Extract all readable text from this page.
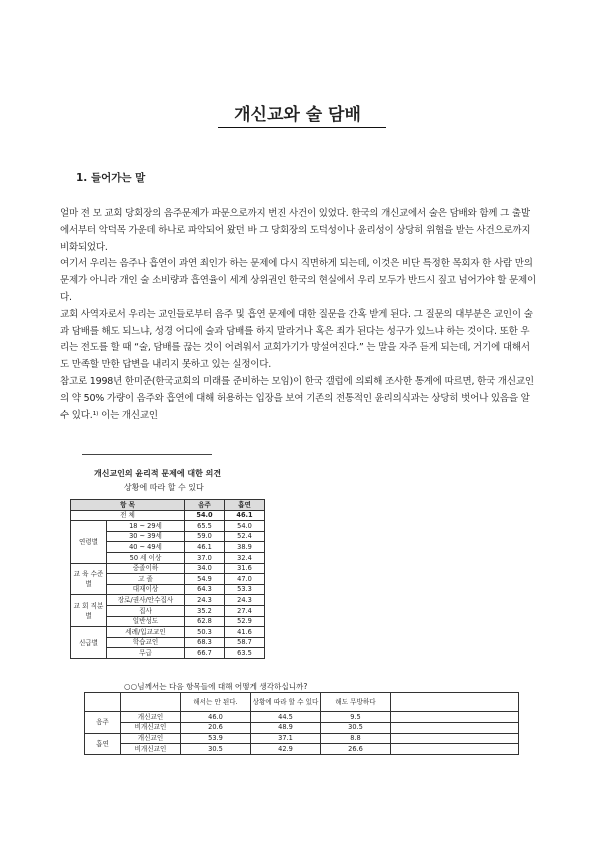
개신교와 술 담배
1. 들어가는 말

얼마 전 모 교회 당회장의 음주문제가 파문으로까지 번진 사건이 있었다. 한국의 개신교에서 술은 담배와 함께 그 출발에서부터 악덕목 가운데 하나로 파악되어 왔던 바 그 당회장의 도덕성이나 윤리성이 상당히 위협을 받는 사건으로까지 비화되었다.

여기서 우리는 음주나 흡연이 과연 죄인가 하는 문제에 다시 직면하게 되는데, 이것은 비단 특정한 목회자 한 사람 만의 문제가 아니라 개인 술 소비량과 흡연율이 세계 상위권인 한국의 현실에서 우리 모두가 반드시 짚고 넘어가야 할 문제이다.

교회 사역자로서 우리는 교인들로부터 음주 및 흡연 문제에 대한 질문을 간혹 받게 된다. 그 질문의 대부분은 교인이 술과 담배를 해도 되느냐, 성경 어디에 술과 담배를 하지 말라거나 혹은 죄가 된다는 성구가 있느냐 하는 것이다. 또한 우리는 전도를 할 때 “술, 담배를 끊는 것이 어려워서 교회가기가 망설여진다.” 는 말을 자주 듣게 되는데, 거기에 대해서도 만족할 만한 답변을 내리지 못하고 있는 실정이다.

참고로 1998년 한미준(한국교회의 미래를 준비하는 모임)이 한국 갤럽에 의뢰해 조사한 통계에 따르면, 한국 개신교인의 약 50% 가량이 음주와 흡연에 대해 허용하는 입장을 보여 기존의 전통적인 윤리의식과는 상당히 벗어나 있음을 알 수 있다.¹⁾ 이는 개신교인

개신교인의 윤리적 문제에 대한 의견
상황에 따라 할 수 있다
항 목		음주	흡연
전 체		54.0	46.1
연령별	18 ~ 29세	65.5	54.0
	30 ~ 39세	59.0	52.4
	40 ~ 49세	46.1	38.9
	50 세 이상	37.0	32.4
교 육 수준별	중졸이하	34.0	31.6
	고 졸	54.9	47.0
	대재이상	64.3	53.3
교 회 직분별	장로/권사/안수집사	24.3	24.3
	집사	35.2	27.4
	일반성도	62.8	52.9
신급별	세례/입교교인	50.3	41.6
	학습교인	68.3	58.7
	무급	66.7	63.5
○○님께서는 다음 항목들에 대해 어떻게 생각하십니까?
		해서는 안 된다.	상황에 따라 할 수 있다	해도 무방하다	
음주	개신교인	46.0	44.5	9.5	
	비개신교인	20.6	48.9	30.5	
흡연	개신교인	53.9	37.1	8.8	
	비개신교인	30.5	42.9	26.6	
